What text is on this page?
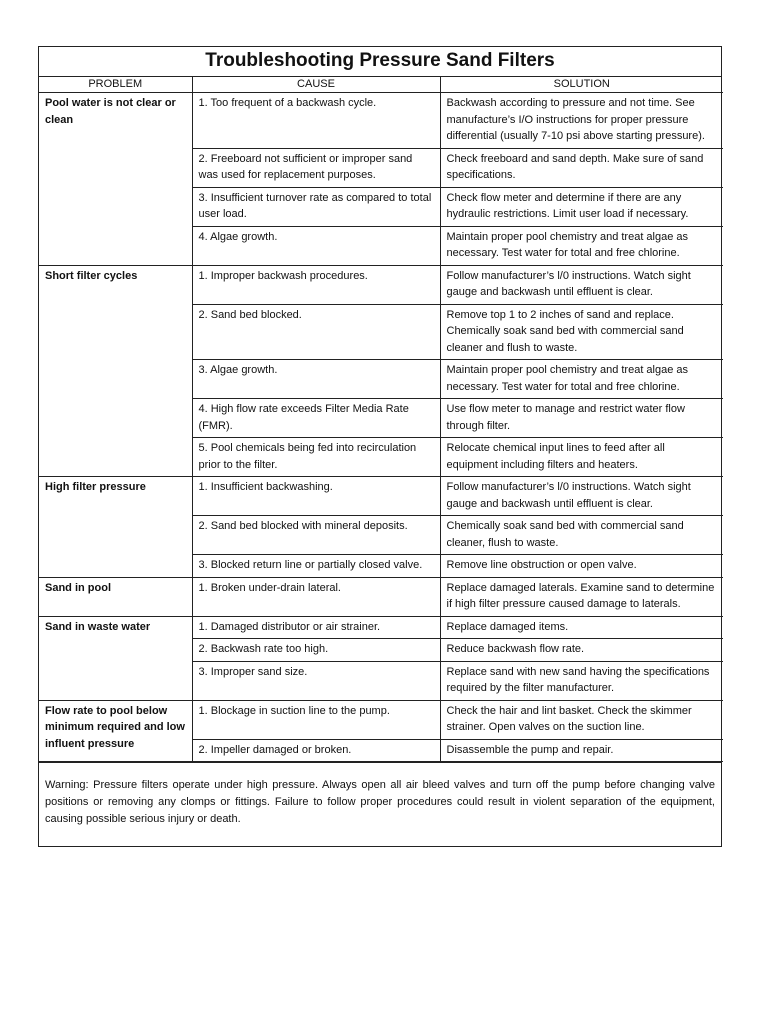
Troubleshooting Pressure Sand Filters
PROBLEM	CAUSE	SOLUTION
Pool water is not clear or clean	1. Too frequent of a backwash cycle.	Backwash according to pressure and not time. See manufacture’s I/O instructions for proper pressure differential (usually 7-10 psi above starting pressure).
	2. Freeboard not sufficient or improper sand was used for replacement purposes.	Check freeboard and sand depth. Make sure of sand specifications.
	3. Insufficient turnover rate as compared to total user load.	Check flow meter and determine if there are any hydraulic restrictions. Limit user load if necessary.
	4. Algae growth.	Maintain proper pool chemistry and treat algae as necessary. Test water for total and free chlorine.
Short filter cycles	1. Improper backwash procedures.	Follow manufacturer’s l/0 instructions. Watch sight gauge and backwash until effluent is clear.
	2. Sand bed blocked.	Remove top 1 to 2 inches of sand and replace. Chemically soak sand bed with commercial sand cleaner and flush to waste.
	3. Algae growth.	Maintain proper pool chemistry and treat algae as necessary. Test water for total and free chlorine.
	4. High flow rate exceeds Filter Media Rate (FMR).	Use flow meter to manage and restrict water flow through filter.
	5. Pool chemicals being fed into recirculation prior to the filter.	Relocate chemical input lines to feed after all equipment including filters and heaters.
High filter pressure	1. Insufficient backwashing.	Follow manufacturer’s l/0 instructions. Watch sight gauge and backwash until effluent is clear.
	2. Sand bed blocked with mineral deposits.	Chemically soak sand bed with commercial sand cleaner, flush to waste.
	3. Blocked return line or partially closed valve.	Remove line obstruction or open valve.
Sand in pool	1. Broken under-drain lateral.	Replace damaged laterals. Examine sand to determine if high filter pressure caused damage to laterals.
Sand in waste water	1. Damaged distributor or air strainer.	Replace damaged items.
	2. Backwash rate too high.	Reduce backwash flow rate.
	3. Improper sand size.	Replace sand with new sand having the specifications required by the filter manufacturer.
Flow rate to pool below minimum required and low influent pressure	1. Blockage in suction line to the pump.	Check the hair and lint basket. Check the skimmer strainer. Open valves on the suction line.
	2. Impeller damaged or broken.	Disassemble the pump and repair.
Warning: Pressure filters operate under high pressure. Always open all air bleed valves and turn off the pump before changing valve positions or removing any clomps or fittings. Failure to follow proper procedures could result in violent separation of the equipment, causing possible serious injury or death.
